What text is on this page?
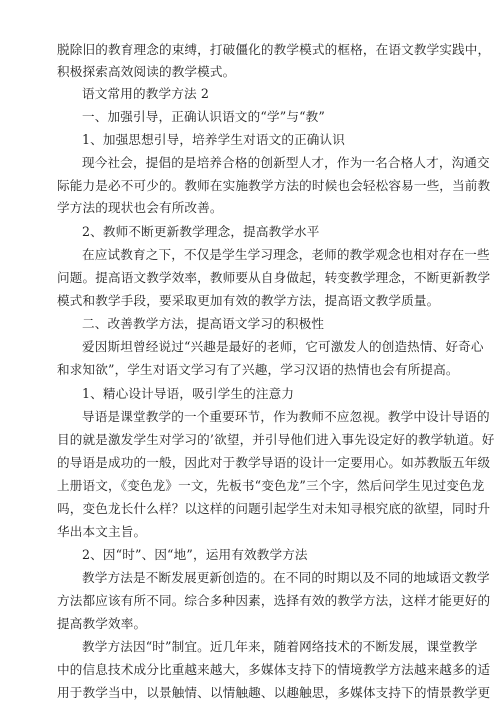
脱除旧的教育理念的束缚，打破僵化的教学模式的框格，在语文教学实践中，
积极探索高效阅读的教学模式。
语文常用的教学方法 2
一、加强引导，正确认识语文的“学”与“教”
1、加强思想引导，培养学生对语文的正确认识
现今社会，提倡的是培养合格的创新型人才，作为一名合格人才，沟通交
际能力是必不可少的。教师在实施教学方法的时候也会轻松容易一些，当前教
学方法的现状也会有所改善。
2、教师不断更新教学理念，提高教学水平
在应试教育之下，不仅是学生学习理念，老师的教学观念也相对存在一些
问题。提高语文教学效率，教师要从自身做起，转变教学理念，不断更新教学
模式和教学手段，要采取更加有效的教学方法，提高语文教学质量。
二、改善教学方法，提高语文学习的积极性
爱因斯坦曾经说过“兴趣是最好的老师，它可激发人的创造热情、好奇心
和求知欲”，学生对语文学习有了兴趣，学习汉语的热情也会有所提高。
1、精心设计导语，吸引学生的注意力
导语是课堂教学的一个重要环节，作为教师不应忽视。教学中设计导语的
目的就是激发学生对学习的’欲望，并引导他们进入事先设定好的教学轨道。好
的导语是成功的一般，因此对于教学导语的设计一定要用心。如苏教版五年级
上册语文，《变色龙》一文，先板书“变色龙”三个字，然后问学生见过变色龙
吗，变色龙长什么样？以这样的问题引起学生对未知寻根究底的欲望，同时升
华出本文主旨。
2、因“时”、因“地”，运用有效教学方法
教学方法是不断发展更新创造的。在不同的时期以及不同的地域语文教学
方法都应该有所不同。综合多种因素，选择有效的教学方法，这样才能更好的
提高教学效率。
教学方法因“时”制宜。近几年来，随着网络技术的不断发展，课堂教学
中的信息技术成分比重越来越大，多媒体支持下的情境教学方法越来越多的适
用于教学当中，以景触情、以情触趣、以趣触思，多媒体支持下的情景教学更
